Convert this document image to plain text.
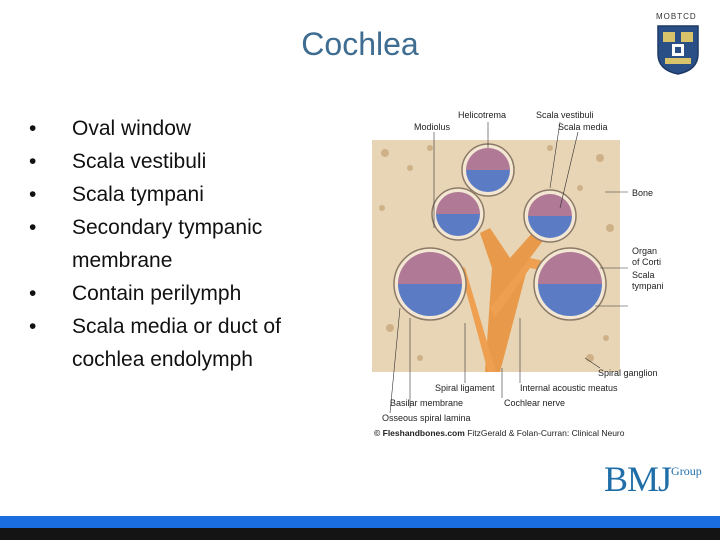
Cochlea
MOBTCD
• Oval window
• Scala vestibuli
• Scala tympani
• Secondary tympanic membrane
• Contain perilymph
• Scala media or duct of cochlea endolymph
Helicotrema
Modiolus
Scala vestibuli
Scala media
Bone
Organ
of Corti
Scala
tympani
Spiral ganglion
Spiral ligament	Internal acoustic meatus
Basilar membrane	Cochlear nerve
Osseous spiral lamina
© Fleshandbones.com FitzGerald & Folan-Curran: Clinical Neuro
$BMJ^{Group}$
